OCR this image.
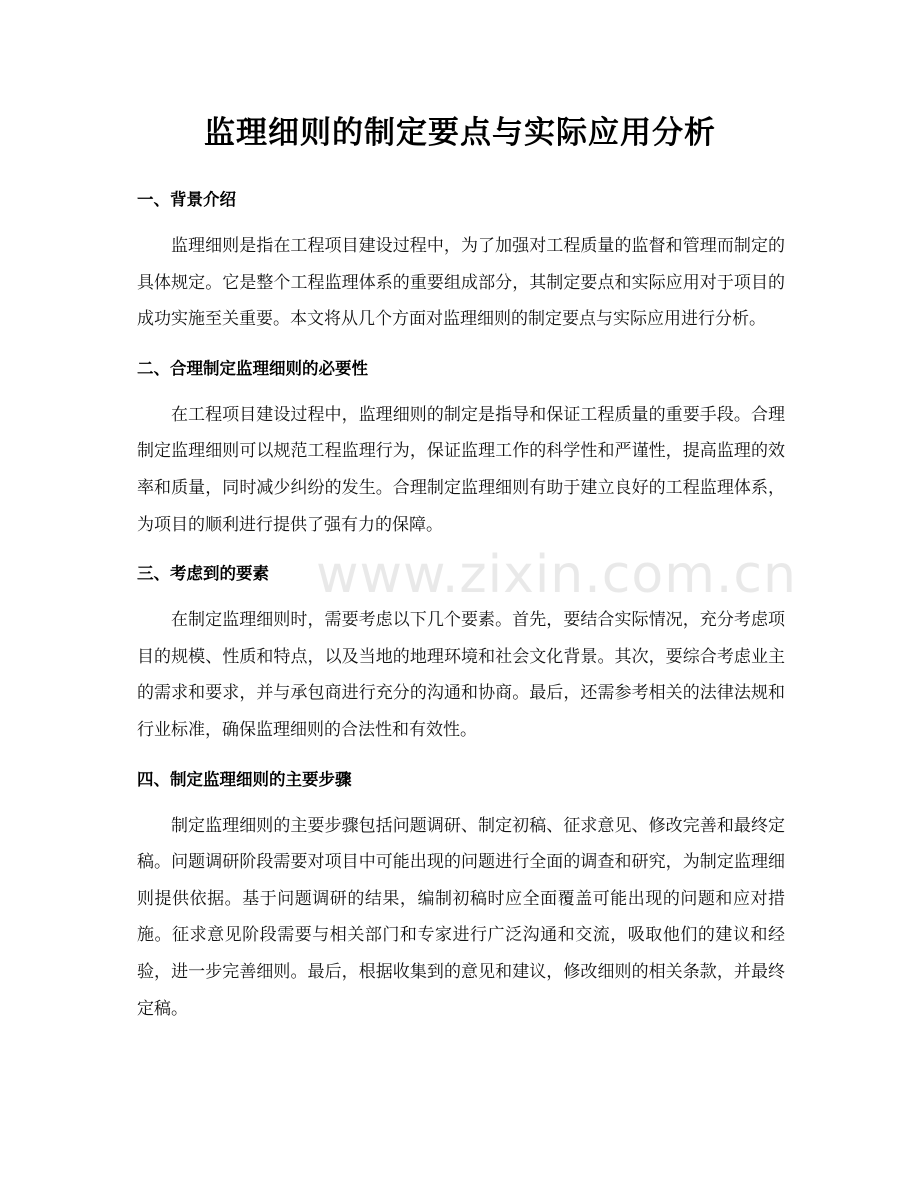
监理细则的制定要点与实际应用分析
www.zixin.com.cn
一、背景介绍

监理细则是指在工程项目建设过程中，为了加强对工程质量的监督和管理而制定的具体规定。它是整个工程监理体系的重要组成部分，其制定要点和实际应用对于项目的成功实施至关重要。本文将从几个方面对监理细则的制定要点与实际应用进行分析。

二、合理制定监理细则的必要性

在工程项目建设过程中，监理细则的制定是指导和保证工程质量的重要手段。合理制定监理细则可以规范工程监理行为，保证监理工作的科学性和严谨性，提高监理的效率和质量，同时减少纠纷的发生。合理制定监理细则有助于建立良好的工程监理体系，为项目的顺利进行提供了强有力的保障。

三、考虑到的要素

在制定监理细则时，需要考虑以下几个要素。首先，要结合实际情况，充分考虑项目的规模、性质和特点，以及当地的地理环境和社会文化背景。其次，要综合考虑业主的需求和要求，并与承包商进行充分的沟通和协商。最后，还需参考相关的法律法规和行业标准，确保监理细则的合法性和有效性。

四、制定监理细则的主要步骤

制定监理细则的主要步骤包括问题调研、制定初稿、征求意见、修改完善和最终定稿。问题调研阶段需要对项目中可能出现的问题进行全面的调查和研究，为制定监理细则提供依据。基于问题调研的结果，编制初稿时应全面覆盖可能出现的问题和应对措施。征求意见阶段需要与相关部门和专家进行广泛沟通和交流，吸取他们的建议和经验，进一步完善细则。最后，根据收集到的意见和建议，修改细则的相关条款，并最终定稿。
